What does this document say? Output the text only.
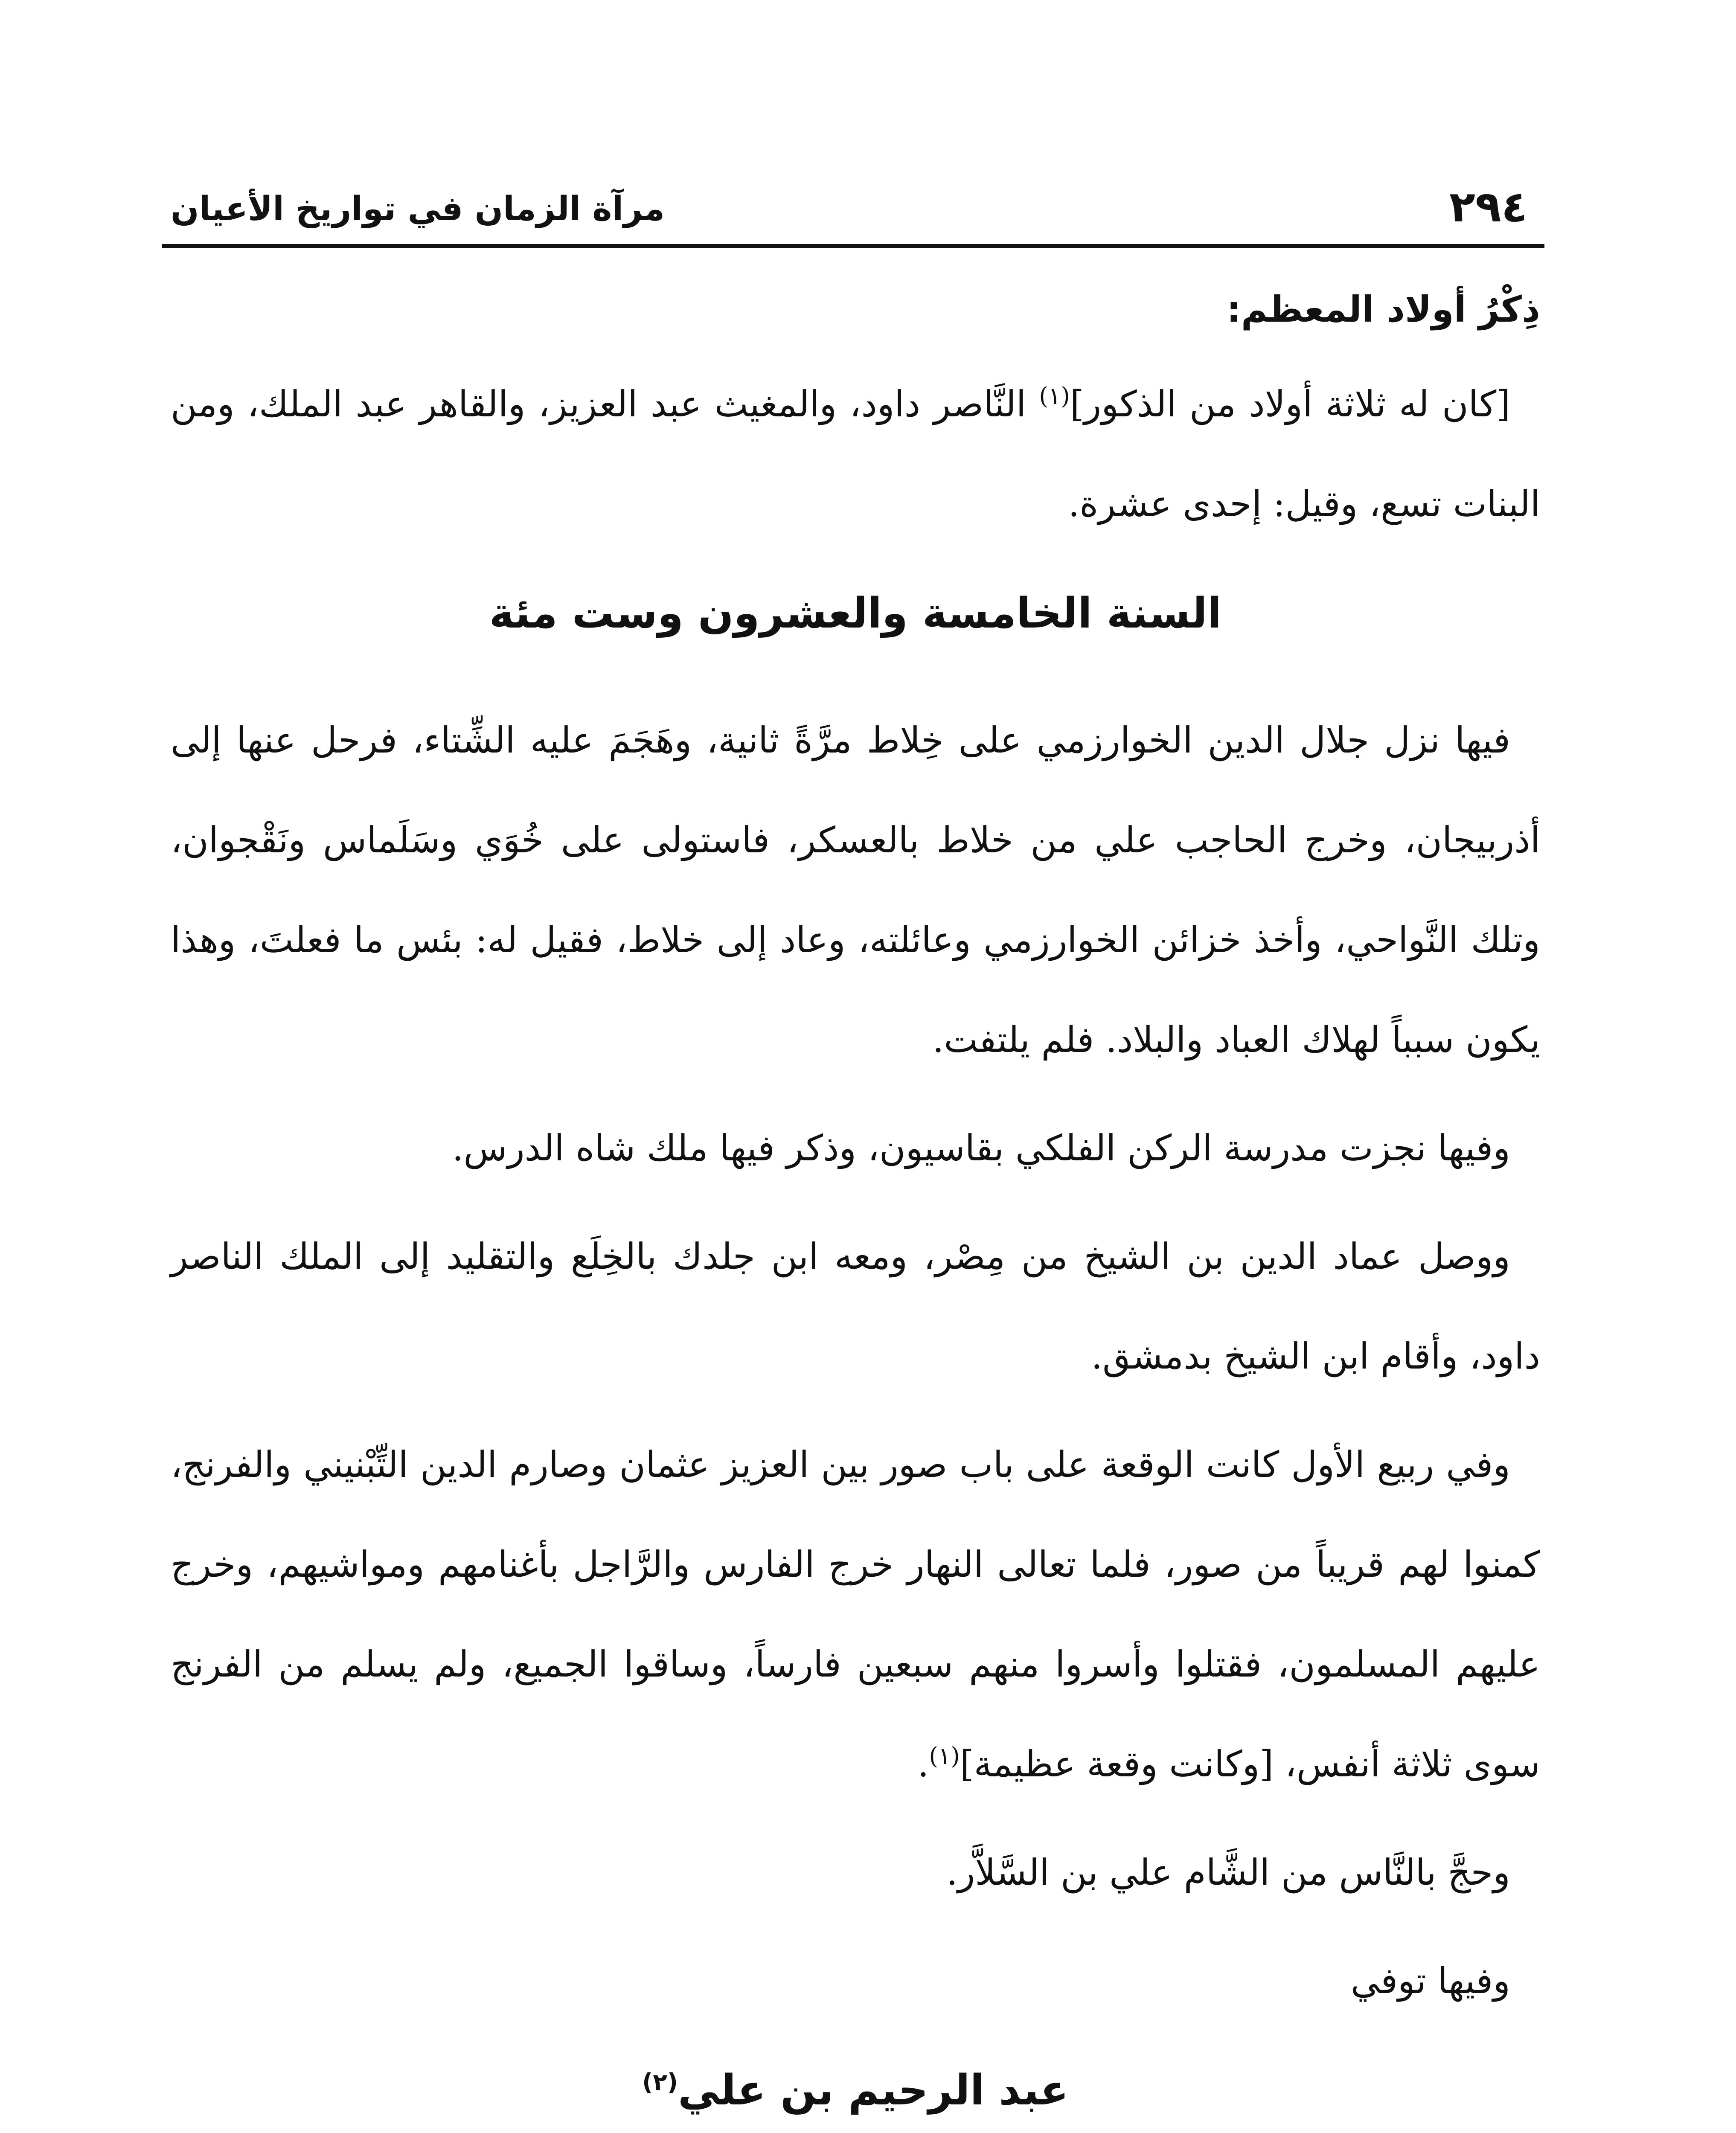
٢٩٤
مرآة الزمان في تواريخ الأعيان
ذِكْرُ أولاد المعظم:

[كان له ثلاثة أولاد من الذكور]$^{(١)}$ النَّاصر داود، والمغيث عبد العزيز، والقاهر عبد الملك، ومن البنات تسع، وقيل: إحدى عشرة.

السنة الخامسة والعشرون وست مئة

فيها نزل جلال الدين الخوارزمي على خِلاط مرَّةً ثانية، وهَجَمَ عليه الشِّتاء، فرحل عنها إلى أذربيجان، وخرج الحاجب علي من خلاط بالعسكر، فاستولى على خُوَي وسَلَماس ونَقْجوان، وتلك النَّواحي، وأخذ خزائن الخوارزمي وعائلته، وعاد إلى خلاط، فقيل له: بئس ما فعلتَ، وهذا يكون سبباً لهلاك العباد والبلاد. فلم يلتفت.

وفيها نجزت مدرسة الركن الفلكي بقاسيون، وذكر فيها ملك شاه الدرس.

ووصل عماد الدين بن الشيخ من مِصْر، ومعه ابن جلدك بالخِلَع والتقليد إلى الملك الناصر داود، وأقام ابن الشيخ بدمشق.

وفي ربيع الأول كانت الوقعة على باب صور بين العزيز عثمان وصارم الدين التِّبْنيني والفرنج، كمنوا لهم قريباً من صور، فلما تعالى النهار خرج الفارس والرَّاجل بأغنامهم ومواشيهم، وخرج عليهم المسلمون، فقتلوا وأسروا منهم سبعين فارساً، وساقوا الجميع، ولم يسلم من الفرنج سوى ثلاثة أنفس، [وكانت وقعة عظيمة]$^{(١)}$.

وحجَّ بالنَّاس من الشَّام علي بن السَّلاَّر.

وفيها توفي

عبد الرحيم بن علي$^{(٢)}$
